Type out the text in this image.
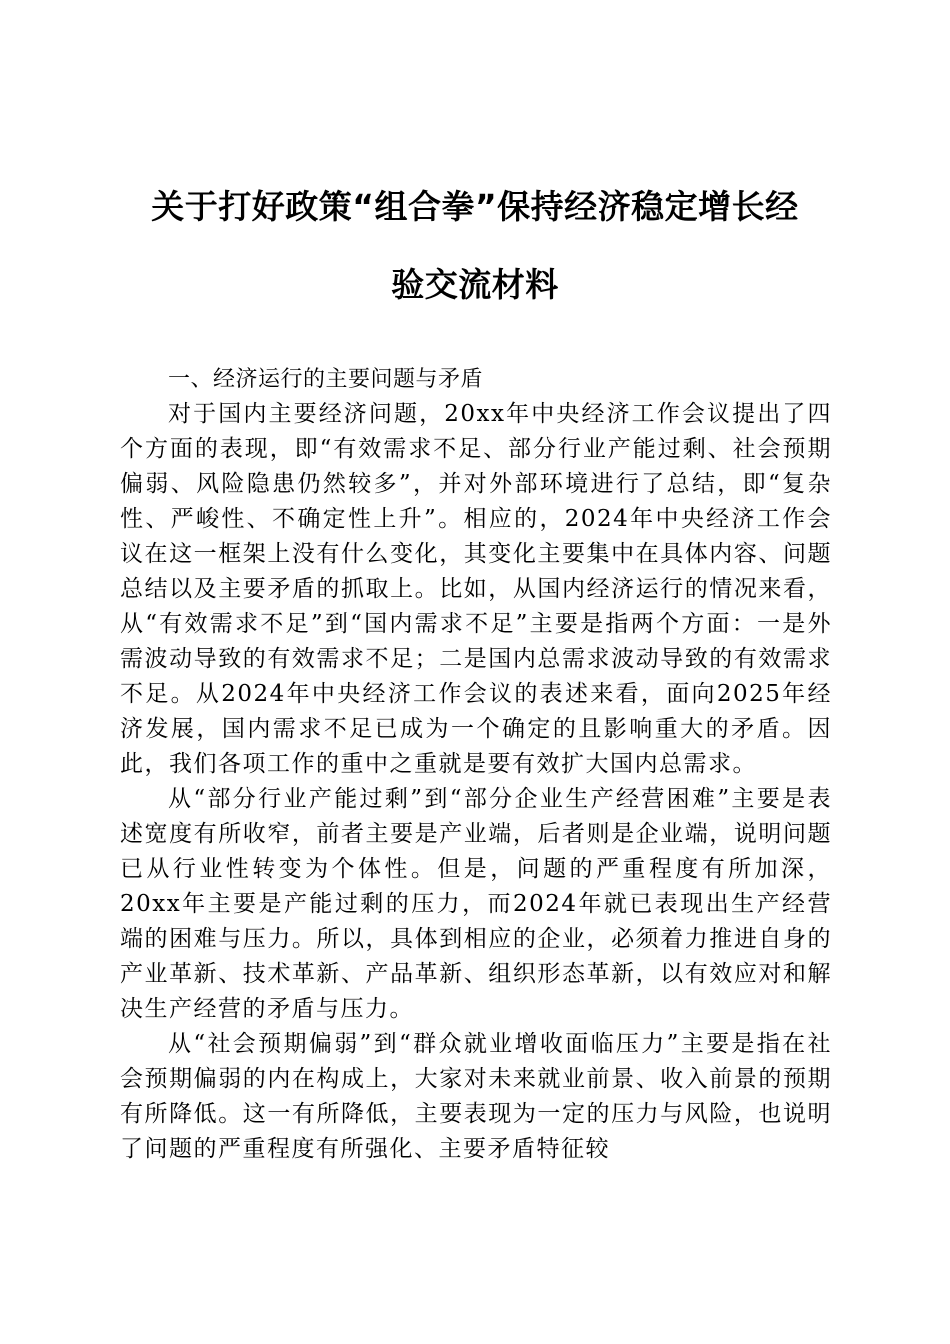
关于打好政策“组合拳”保持经济稳定增长经
验交流材料

一、经济运行的主要问题与矛盾

对于国内主要经济问题，20xx年中央经济工作会议提出了四个方面的表现，即“有效需求不足、部分行业产能过剩、社会预期偏弱、风险隐患仍然较多”，并对外部环境进行了总结，即“复杂性、严峻性、不确定性上升”。相应的，2024年中央经济工作会议在这一框架上没有什么变化，其变化主要集中在具体内容、问题总结以及主要矛盾的抓取上。比如，从国内经济运行的情况来看，从“有效需求不足”到“国内需求不足”主要是指两个方面：一是外需波动导致的有效需求不足；二是国内总需求波动导致的有效需求不足。从2024年中央经济工作会议的表述来看，面向2025年经济发展，国内需求不足已成为一个确定的且影响重大的矛盾。因此，我们各项工作的重中之重就是要有效扩大国内总需求。

从“部分行业产能过剩”到“部分企业生产经营困难”主要是表述宽度有所收窄，前者主要是产业端，后者则是企业端，说明问题已从行业性转变为个体性。但是，问题的严重程度有所加深，20xx年主要是产能过剩的压力，而2024年就已表现出生产经营端的困难与压力。所以，具体到相应的企业，必须着力推进自身的产业革新、技术革新、产品革新、组织形态革新，以有效应对和解决生产经营的矛盾与压力。

从“社会预期偏弱”到“群众就业增收面临压力”主要是指在社会预期偏弱的内在构成上，大家对未来就业前景、收入前景的预期有所降低。这一有所降低，主要表现为一定的压力与风险，也说明了问题的严重程度有所强化、主要矛盾特征较
